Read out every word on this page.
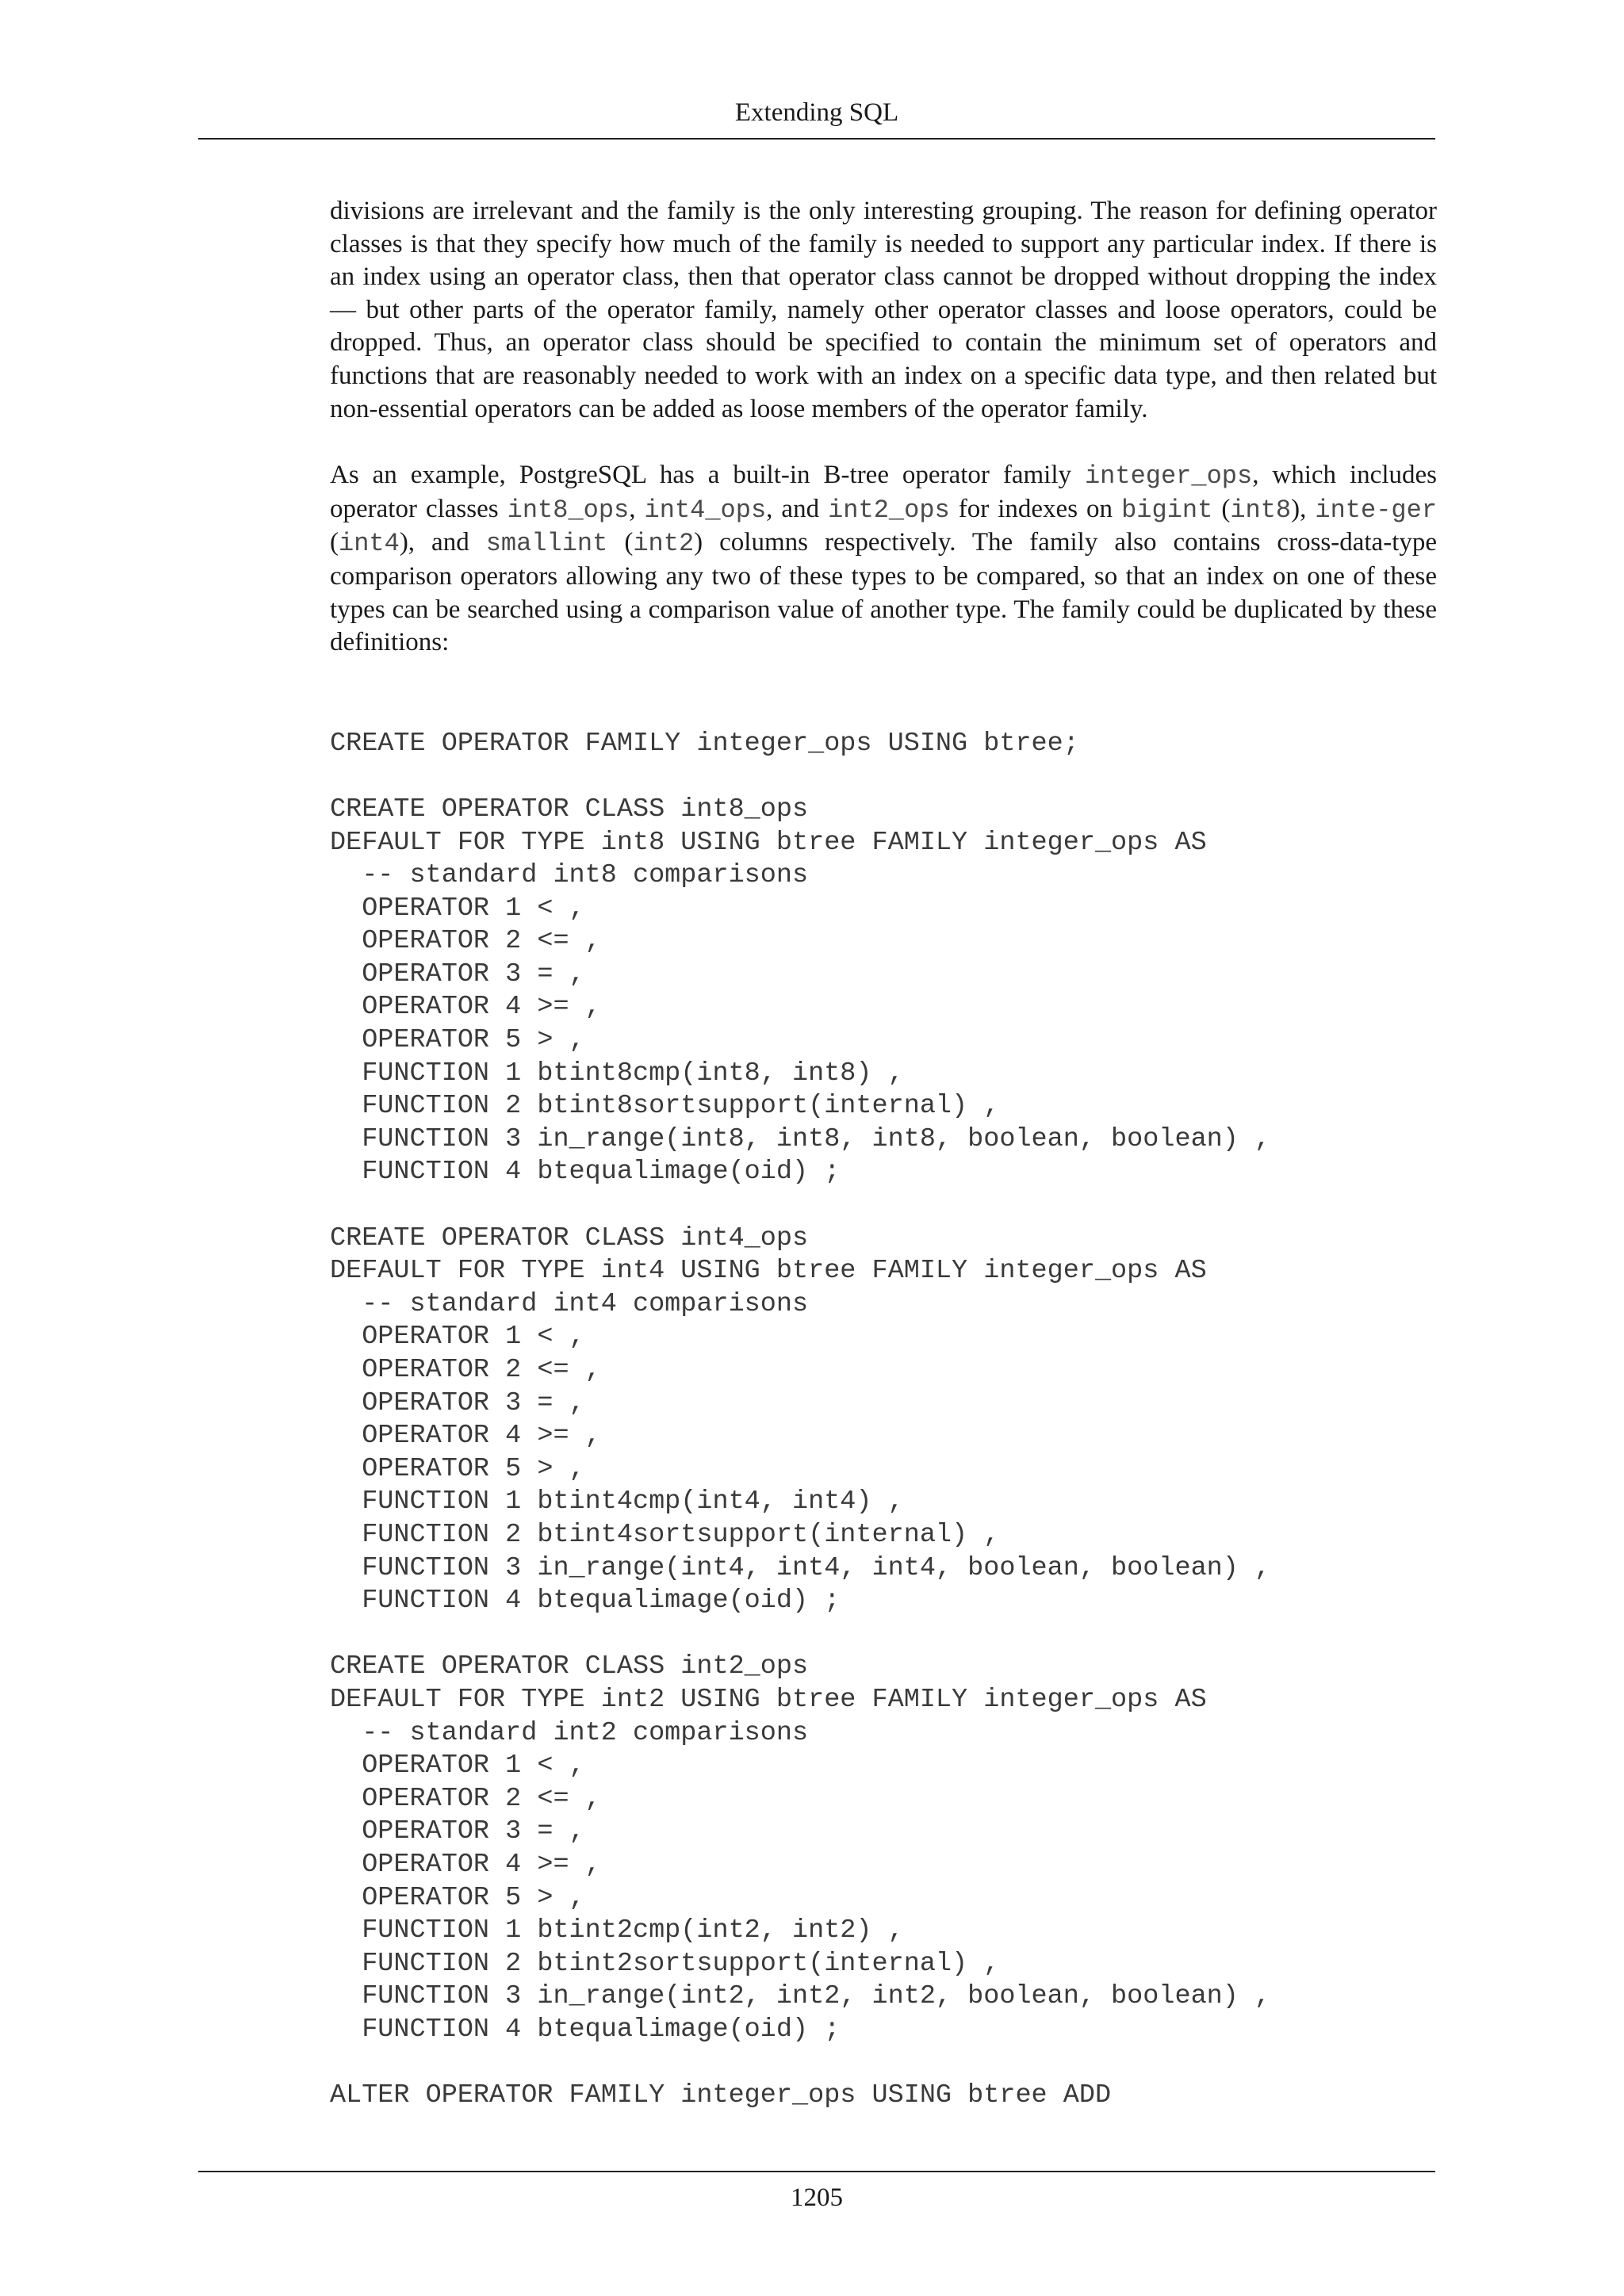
Extending SQL

divisions are irrelevant and the family is the only interesting grouping. The reason for defining operator classes is that they specify how much of the family is needed to support any particular index. If there is an index using an operator class, then that operator class cannot be dropped without dropping the index — but other parts of the operator family, namely other operator classes and loose operators, could be dropped. Thus, an operator class should be specified to contain the minimum set of operators and functions that are reasonably needed to work with an index on a specific data type, and then related but non-essential operators can be added as loose members of the operator family.

As an example, PostgreSQL has a built-in B-tree operator family integer_ops, which includes operator classes int8_ops, int4_ops, and int2_ops for indexes on bigint (int8), inte-ger (int4), and smallint (int2) columns respectively. The family also contains cross-data-type comparison operators allowing any two of these types to be compared, so that an index on one of these types can be searched using a comparison value of another type. The family could be duplicated by these definitions:

CREATE OPERATOR FAMILY integer_ops USING btree;
CREATE OPERATOR CLASS int8_ops
DEFAULT FOR TYPE int8 USING btree FAMILY integer_ops AS
-- standard int8 comparisons
OPERATOR 1 < ,
OPERATOR 2 <= ,
OPERATOR 3 = ,
OPERATOR 4 >= ,
OPERATOR 5 > ,
FUNCTION 1 btint8cmp(int8, int8) ,
FUNCTION 2 btint8sortsupport(internal) ,
FUNCTION 3 in_range(int8, int8, int8, boolean, boolean) ,
FUNCTION 4 btequalimage(oid) ;
CREATE OPERATOR CLASS int4_ops
DEFAULT FOR TYPE int4 USING btree FAMILY integer_ops AS
-- standard int4 comparisons
OPERATOR 1 < ,
OPERATOR 2 <= ,
OPERATOR 3 = ,
OPERATOR 4 >= ,
OPERATOR 5 > ,
FUNCTION 1 btint4cmp(int4, int4) ,
FUNCTION 2 btint4sortsupport(internal) ,
FUNCTION 3 in_range(int4, int4, int4, boolean, boolean) ,
FUNCTION 4 btequalimage(oid) ;
CREATE OPERATOR CLASS int2_ops
DEFAULT FOR TYPE int2 USING btree FAMILY integer_ops AS
-- standard int2 comparisons
OPERATOR 1 < ,
OPERATOR 2 <= ,
OPERATOR 3 = ,
OPERATOR 4 >= ,
OPERATOR 5 > ,
FUNCTION 1 btint2cmp(int2, int2) ,
FUNCTION 2 btint2sortsupport(internal) ,
FUNCTION 3 in_range(int2, int2, int2, boolean, boolean) ,
FUNCTION 4 btequalimage(oid) ;
ALTER OPERATOR FAMILY integer_ops USING btree ADD
1205
